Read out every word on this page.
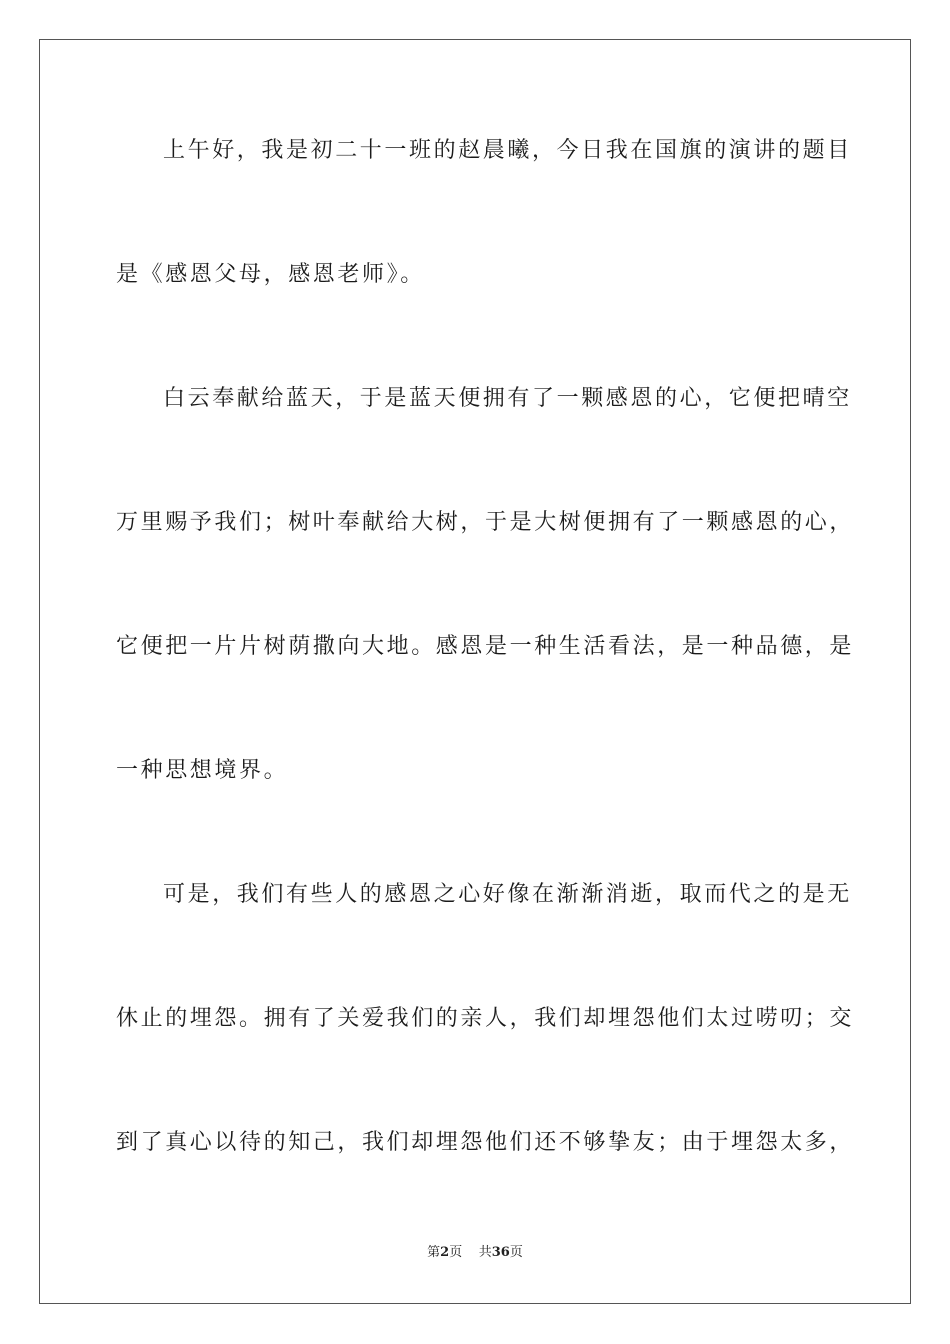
上午好，我是初二十一班的赵晨曦，今日我在国旗的演讲的题目
是《感恩父母，感恩老师》。
白云奉献给蓝天，于是蓝天便拥有了一颗感恩的心，它便把晴空
万里赐予我们；树叶奉献给大树，于是大树便拥有了一颗感恩的心，
它便把一片片树荫撒向大地。感恩是一种生活看法，是一种品德，是
一种思想境界。
可是，我们有些人的感恩之心好像在渐渐消逝，取而代之的是无
休止的埋怨。拥有了关爱我们的亲人，我们却埋怨他们太过唠叨；交
到了真心以待的知己，我们却埋怨他们还不够挚友；由于埋怨太多，
第2页 共36页
